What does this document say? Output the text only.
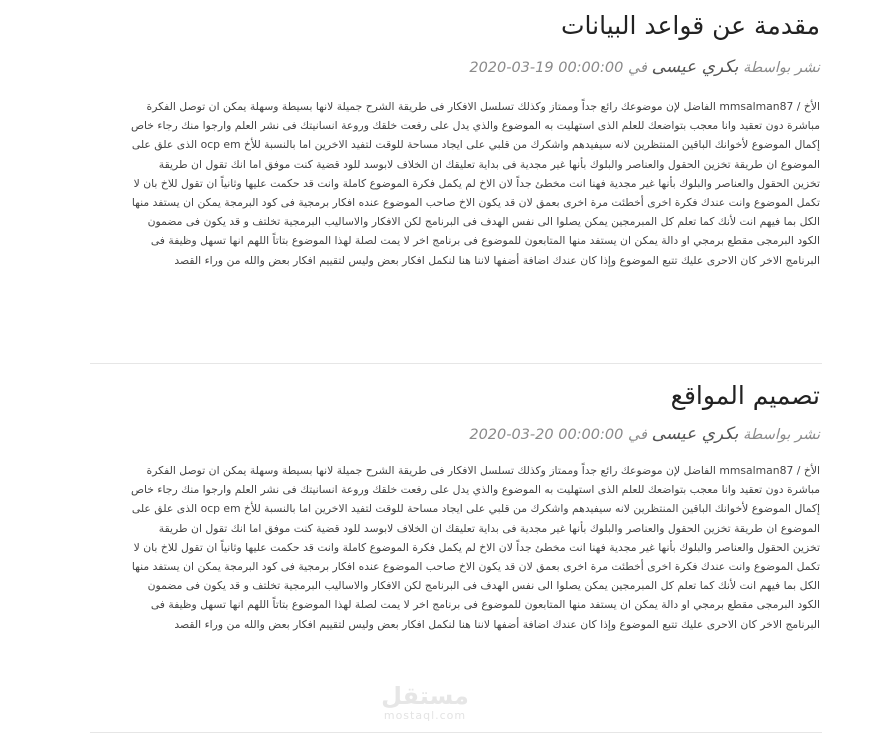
مقدمة عن قواعد البيانات

نشر بواسطة بكري عيسى في 2020-03-19 00:00:00

الأخ / mmsalman87 الفاضل لإن موضوعك رائع جداً وممتاز وكذلك تسلسل الافكار فى طريقة الشرح جميلة لانها بسيطة وسهلة يمكن ان توصل الفكرة مباشرة دون تعقيد وانا معجب بتواضعك للعلم الذى استهليت به الموضوع والذي يدل على رفعت خلقك وروعة انسانيتك فى نشر العلم وارجوا منك رجاء خاص إكمال الموضوع لأخوانك الباقين المنتظرين لانه سيفيدهم واشكرك من قلبي على ايجاد مساحة للوقت لتفيد الاخرين اما بالنسبة للأخ ocp em الذى علق على الموضوع ان طريقة تخزين الحقول والعناصر والبلوك بأنها غير مجدية فى بداية تعليقك ان الخلاف لابوسد للود قضية كنت موفق اما انك تقول ان طريقة تخزين الحقول والعناصر والبلوك بأنها غير مجدية فهنا انت مخطئ جداً لان الاخ لم يكمل فكرة الموضوع كاملة وانت قد حكمت عليها وثانياً ان تقول للاخ بان لا تكمل الموضوع وانت عندك فكرة اخرى أخطئت مرة اخرى بعمق لان قد يكون الاخ صاحب الموضوع عنده افكار برمجية فى كود البرمجة يمكن ان يستفد منها الكل بما فيهم انت لأنك كما تعلم كل المبرمجين يمكن يصلوا الى نفس الهدف فى البرنامج لكن الافكار والاساليب البرمجية تخلتف و قد يكون فى مضمون الكود البرمجى مقطع برمجي او دالة يمكن ان يستفد منها المتابعون للموضوع فى برنامج اخر لا يمت لصلة لهذا الموضوع بتاتاً اللهم انها تسهل وظيفة فى البرنامج الاخر كان الاحرى عليك تتبع الموضوع وإذا كان عندك اضافة أضفها لاننا هنا لنكمل افكار بعض ولیس لتقييم افكار بعض والله من وراء القصد

تصميم المواقع

نشر بواسطة بكري عيسى في 2020-03-20 00:00:00

الأخ / mmsalman87 الفاضل لإن موضوعك رائع جداً وممتاز وكذلك تسلسل الافكار فى طريقة الشرح جميلة لانها بسيطة وسهلة يمكن ان توصل الفكرة مباشرة دون تعقيد وانا معجب بتواضعك للعلم الذى استهليت به الموضوع والذي يدل على رفعت خلقك وروعة انسانيتك فى نشر العلم وارجوا منك رجاء خاص إكمال الموضوع لأخوانك الباقين المنتظرين لانه سيفيدهم واشكرك من قلبي على ايجاد مساحة للوقت لتفيد الاخرين اما بالنسبة للأخ ocp em الذى علق على الموضوع ان طريقة تخزين الحقول والعناصر والبلوك بأنها غير مجدية فى بداية تعليقك ان الخلاف لابوسد للود قضية كنت موفق اما انك تقول ان طريقة تخزين الحقول والعناصر والبلوك بأنها غير مجدية فهنا انت مخطئ جداً لان الاخ لم يكمل فكرة الموضوع كاملة وانت قد حكمت عليها وثانياً ان تقول للاخ بان لا تكمل الموضوع وانت عندك فكرة اخرى أخطئت مرة اخرى بعمق لان قد يكون الاخ صاحب الموضوع عنده افكار برمجية فى كود البرمجة يمكن ان يستفد منها الكل بما فيهم انت لأنك كما تعلم كل المبرمجين يمكن يصلوا الى نفس الهدف فى البرنامج لكن الافكار والاساليب البرمجية تخلتف و قد يكون فى مضمون الكود البرمجى مقطع برمجي او دالة يمكن ان يستفد منها المتابعون للموضوع فى برنامج اخر لا يمت لصلة لهذا الموضوع بتاتاً اللهم انها تسهل وظيفة فى البرنامج الاخر كان الاحرى عليك تتبع الموضوع وإذا كان عندك اضافة أضفها لاننا هنا لنكمل افكار بعض ولیس لتقييم افكار بعض والله من وراء القصد

مستقل
mostaql.com
